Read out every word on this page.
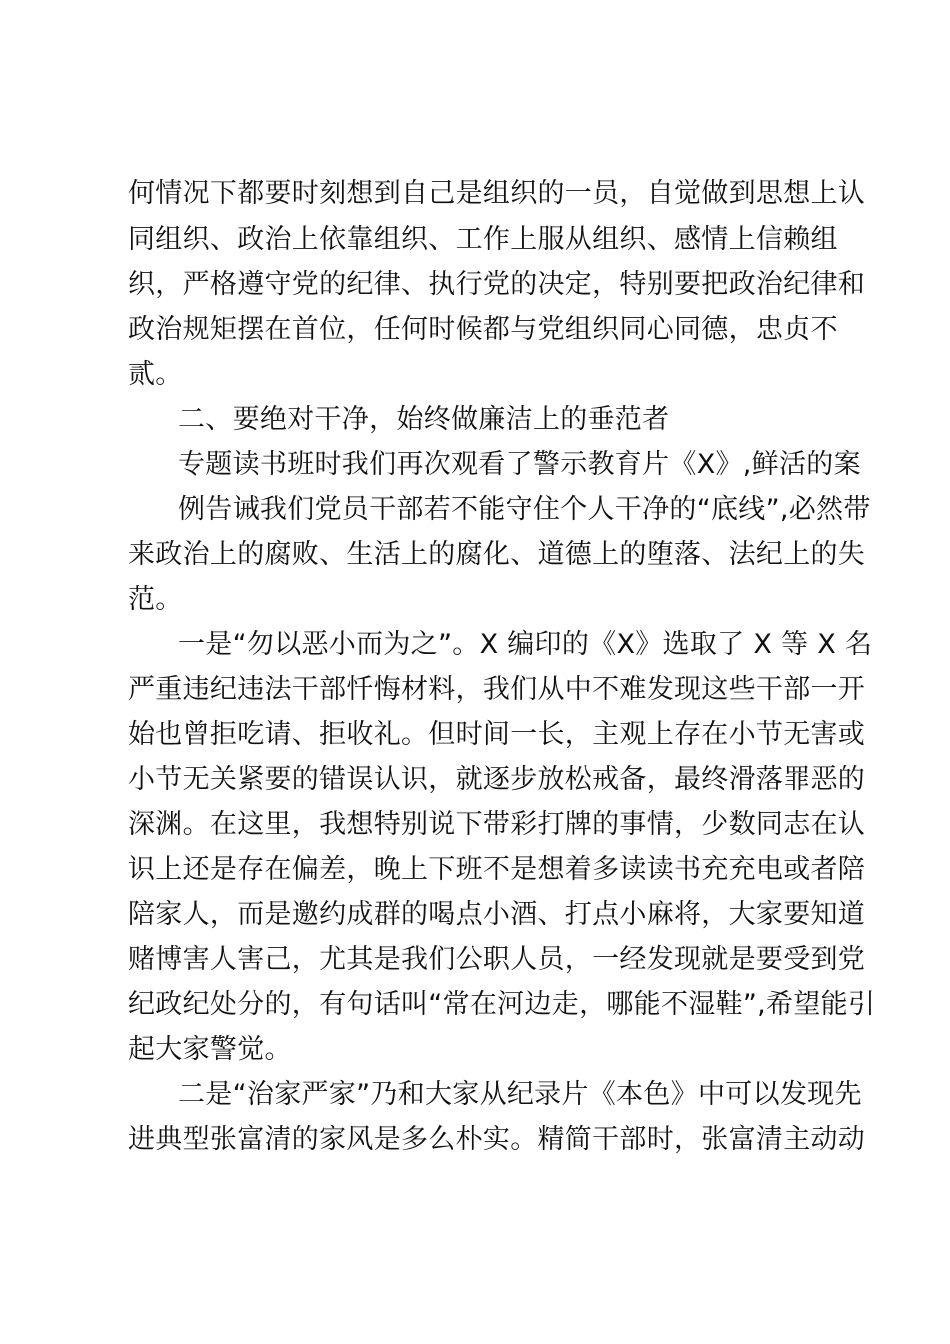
何情况下都要时刻想到自己是组织的一员，自觉做到思想上认
同组织、政治上依靠组织、工作上服从组织、感情上信赖组
织，严格遵守党的纪律、执行党的决定，特别要把政治纪律和
政治规矩摆在首位，任何时候都与党组织同心同德，忠贞不
贰。
二、要绝对干净，始终做廉洁上的垂范者
专题读书班时我们再次观看了警示教育片《X》,鲜活的案
例告诫我们党员干部若不能守住个人干净的“底线”,必然带
来政治上的腐败、生活上的腐化、道德上的堕落、法纪上的失
范。
一是“勿以恶小而为之”。X 编印的《X》选取了 X 等 X 名
严重违纪违法干部忏悔材料，我们从中不难发现这些干部一开
始也曾拒吃请、拒收礼。但时间一长，主观上存在小节无害或
小节无关紧要的错误认识，就逐步放松戒备，最终滑落罪恶的
深渊。在这里，我想特别说下带彩打牌的事情，少数同志在认
识上还是存在偏差，晚上下班不是想着多读读书充充电或者陪
陪家人，而是邀约成群的喝点小酒、打点小麻将，大家要知道
赌博害人害己，尤其是我们公职人员，一经发现就是要受到党
纪政纪处分的，有句话叫“常在河边走，哪能不湿鞋”,希望能引
起大家警觉。
二是“治家严家”乃和大家从纪录片《本色》中可以发现先
进典型张富清的家风是多么朴实。精简干部时，张富清主动动
